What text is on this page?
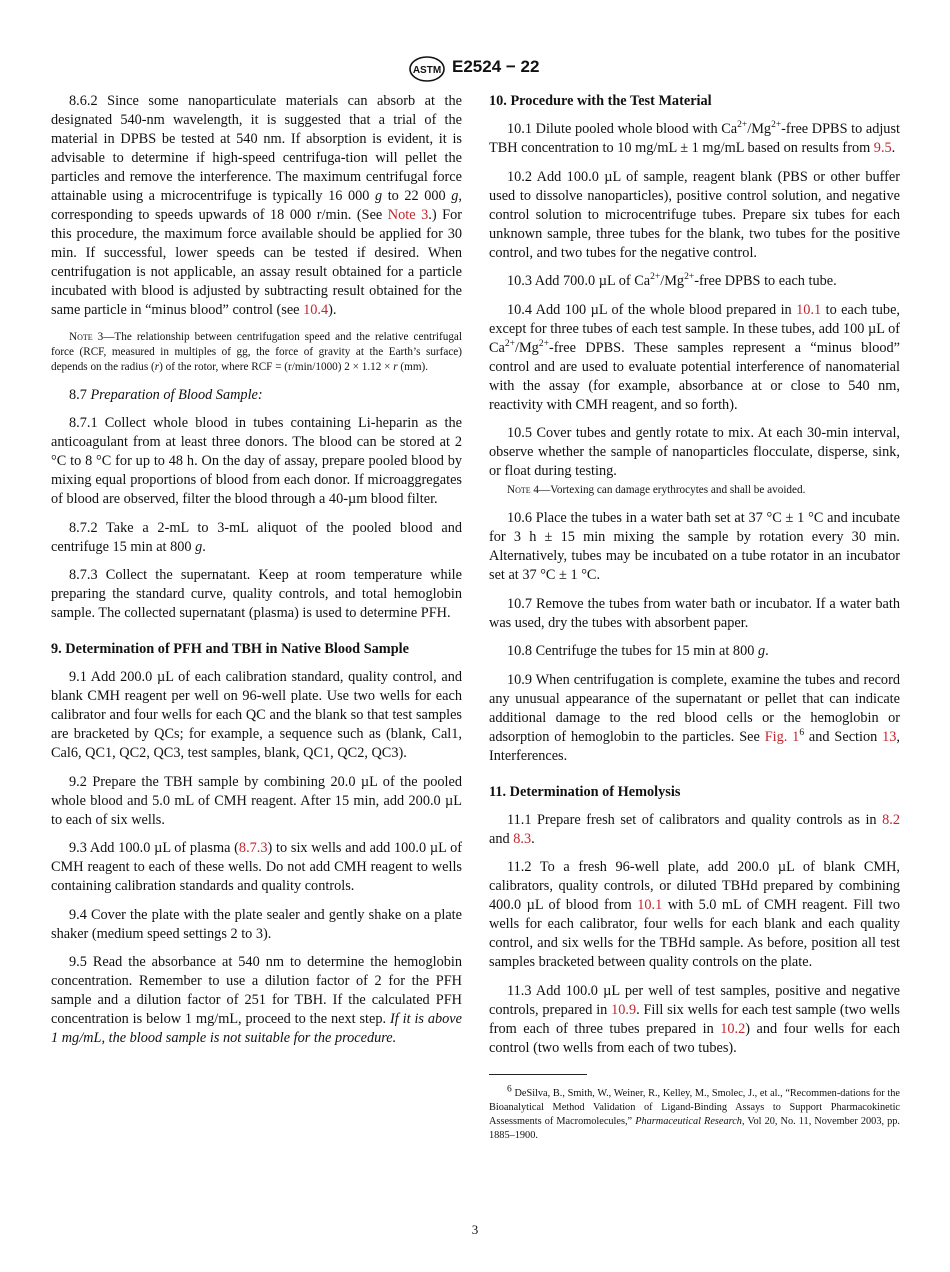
ASTM E2524 − 22

8.6.2 Since some nanoparticulate materials can absorb at the designated 540-nm wavelength, it is suggested that a trial of the material in DPBS be tested at 540 nm. If absorption is evident, it is advisable to determine if high-speed centrifuga-tion will pellet the particles and remove the interference. The maximum centrifugal force attainable using a microcentrifuge is typically 16 000 g to 22 000 g, corresponding to speeds upwards of 18 000 r/min. (See Note 3.) For this procedure, the maximum force available should be applied for 30 min. If successful, lower speeds can be tested if desired. When centrifugation is not applicable, an assay result obtained for a particle incubated with blood is adjusted by subtracting result obtained for the same particle in “minus blood” control (see 10.4).

Note 3—The relationship between centrifugation speed and the relative centrifugal force (RCF, measured in multiples of gg, the force of gravity at the Earth’s surface) depends on the radius (r) of the rotor, where RCF = (r/min/1000) 2 × 1.12 × r (mm).

8.7 Preparation of Blood Sample:

8.7.1 Collect whole blood in tubes containing Li-heparin as the anticoagulant from at least three donors. The blood can be stored at 2 °C to 8 °C for up to 48 h. On the day of assay, prepare pooled blood by mixing equal proportions of blood from each donor. If microaggregates of blood are observed, filter the blood through a 40-µm blood filter.

8.7.2 Take a 2-mL to 3-mL aliquot of the pooled blood and centrifuge 15 min at 800 g.

8.7.3 Collect the supernatant. Keep at room temperature while preparing the standard curve, quality controls, and total hemoglobin sample. The collected supernatant (plasma) is used to determine PFH.

9. Determination of PFH and TBH in Native Blood Sample

9.1 Add 200.0 µL of each calibration standard, quality control, and blank CMH reagent per well on 96-well plate. Use two wells for each calibrator and four wells for each QC and the blank so that test samples are bracketed by QCs; for example, a sequence such as (blank, Cal1, Cal6, QC1, QC2, QC3, test samples, blank, QC1, QC2, QC3).

9.2 Prepare the TBH sample by combining 20.0 µL of the pooled whole blood and 5.0 mL of CMH reagent. After 15 min, add 200.0 µL to each of six wells.

9.3 Add 100.0 µL of plasma (8.7.3) to six wells and add 100.0 µL of CMH reagent to each of these wells. Do not add CMH reagent to wells containing calibration standards and quality controls.

9.4 Cover the plate with the plate sealer and gently shake on a plate shaker (medium speed settings 2 to 3).

9.5 Read the absorbance at 540 nm to determine the hemoglobin concentration. Remember to use a dilution factor of 2 for the PFH sample and a dilution factor of 251 for TBH. If the calculated PFH concentration is below 1 mg/mL, proceed to the next step. If it is above 1 mg/mL, the blood sample is not suitable for the procedure.

10. Procedure with the Test Material

10.1 Dilute pooled whole blood with $Ca^{2+}/Mg^{2+}$-free DPBS to adjust TBH concentration to 10 mg/mL ± 1 mg/mL based on results from 9.5.

10.2 Add 100.0 µL of sample, reagent blank (PBS or other buffer used to dissolve nanoparticles), positive control solution, and negative control solution to microcentrifuge tubes. Prepare six tubes for each unknown sample, three tubes for the blank, two tubes for the positive control, and two tubes for the negative control.

10.3 Add 700.0 µL of $Ca^{2+}/Mg^{2+}$-free DPBS to each tube.

10.4 Add 100 µL of the whole blood prepared in 10.1 to each tube, except for three tubes of each test sample. In these tubes, add 100 µL of $Ca^{2+}/Mg^{2+}$-free DPBS. These samples represent a “minus blood” control and are used to evaluate potential interference of nanomaterial with the assay (for example, absorbance at or close to 540 nm, reactivity with CMH reagent, and so forth).

10.5 Cover tubes and gently rotate to mix. At each 30-min interval, observe whether the sample of nanoparticles flocculate, disperse, sink, or float during testing.

Note 4—Vortexing can damage erythrocytes and shall be avoided.

10.6 Place the tubes in a water bath set at 37 °C ± 1 °C and incubate for 3 h ± 15 min mixing the sample by rotation every 30 min. Alternatively, tubes may be incubated on a tube rotator in an incubator set at 37 °C ± 1 °C.

10.7 Remove the tubes from water bath or incubator. If a water bath was used, dry the tubes with absorbent paper.

10.8 Centrifuge the tubes for 15 min at 800 g.

10.9 When centrifugation is complete, examine the tubes and record any unusual appearance of the supernatant or pellet that can indicate additional damage to the red blood cells or the hemoglobin or adsorption of hemoglobin to the particles. See Fig. $1^6$ and Section 13, Interferences.

11. Determination of Hemolysis

11.1 Prepare fresh set of calibrators and quality controls as in 8.2 and 8.3.

11.2 To a fresh 96-well plate, add 200.0 µL of blank CMH, calibrators, quality controls, or diluted TBHd prepared by combining 400.0 µL of blood from 10.1 with 5.0 mL of CMH reagent. Fill two wells for each calibrator, four wells for each blank and each quality control, and six wells for the TBHd sample. As before, position all test samples bracketed between quality controls on the plate.

11.3 Add 100.0 µL per well of test samples, positive and negative controls, prepared in 10.9. Fill six wells for each test sample (two wells from each of three tubes prepared in 10.2) and four wells for each control (two wells from each of two tubes).

$^6$ DeSilva, B., Smith, W., Weiner, R., Kelley, M., Smolec, J., et al., “Recommen-dations for the Bioanalytical Method Validation of Ligand-Binding Assays to Support Pharmacokinetic Assessments of Macromolecules,” Pharmaceutical Research, Vol 20, No. 11, November 2003, pp. 1885–1900.

3
